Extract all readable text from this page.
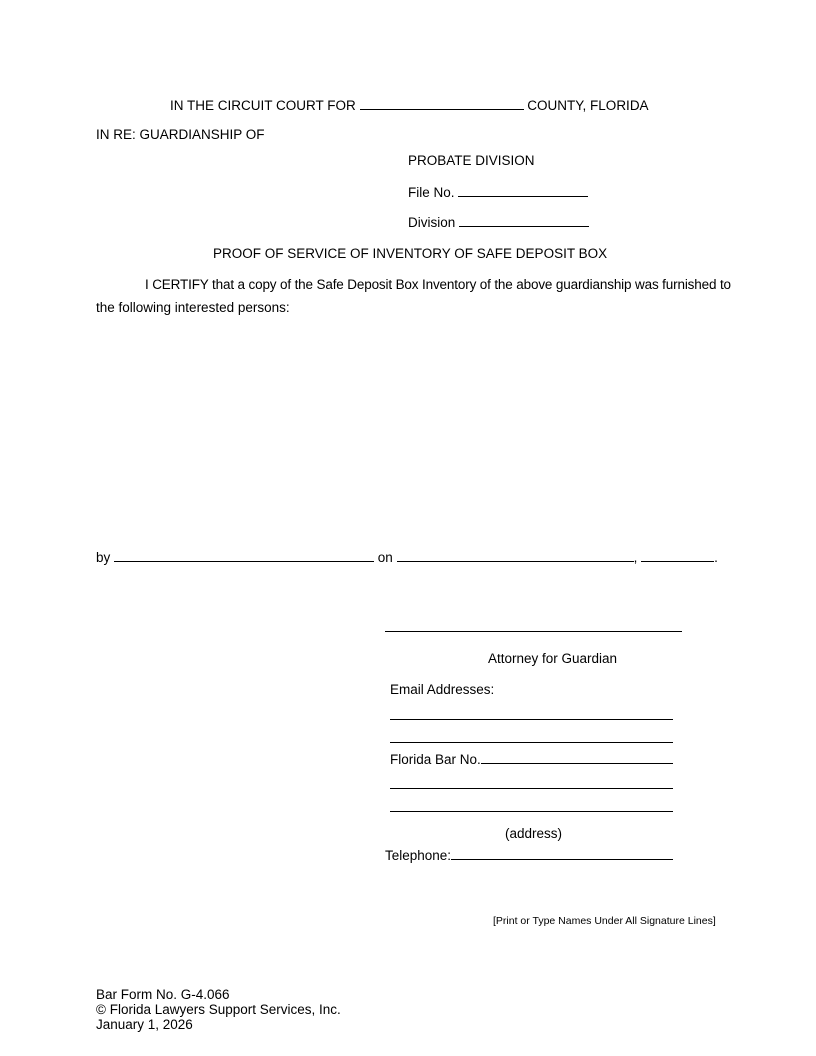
IN THE CIRCUIT COURT FOR	COUNTY, FLORIDA
IN RE: GUARDIANSHIP OF
PROBATE DIVISION
File No.
Division
PROOF OF SERVICE OF INVENTORY OF SAFE DEPOSIT BOX
I CERTIFY that a copy of the Safe Deposit Box Inventory of the above guardianship was furnished to
the following interested persons:
by	on	,	.
Attorney for Guardian
Email Addresses:
Florida Bar No.
(address)
Telephone:
[Print or Type Names Under All Signature Lines]
Bar Form No. G-4.066
© Florida Lawyers Support Services, Inc.
January 1, 2026
